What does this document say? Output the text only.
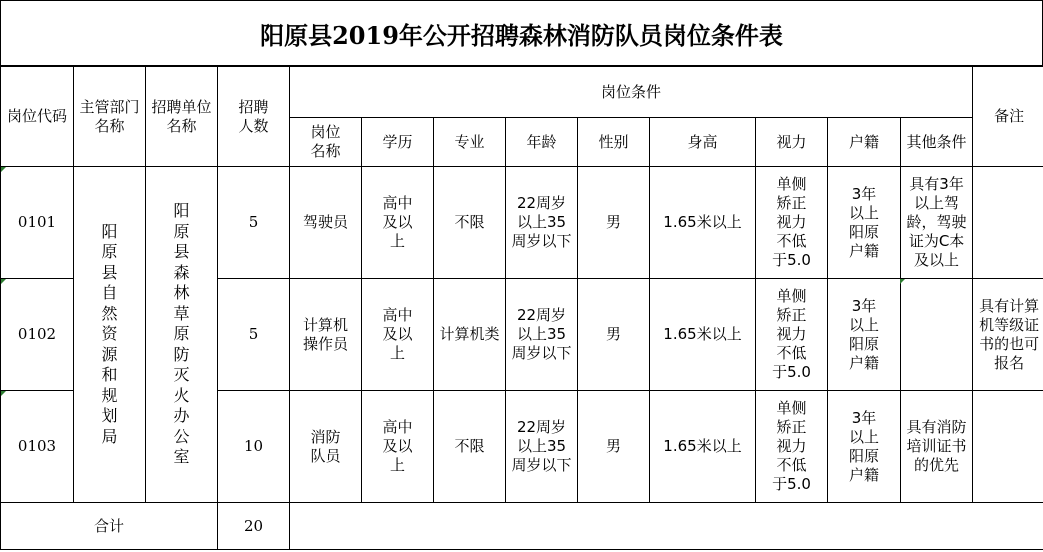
阳原县2019年公开招聘森林消防队员岗位条件表
岗位代码	主管部门名称	招聘单位名称	招聘人数	岗位条件									备注
				岗位名称	学历	专业	年龄	性别	身高	视力	户籍	其他条件	
0101	阳原县自然资源和规划局	阳原县森林草原防灭火办公室	5	驾驶员	高中及以上	不限	22周岁以上35周岁以下	男	1.65米以上	单侧矫正视力不低于5.0	3年以上阳原户籍	具有3年以上驾龄，驾驶证为C本及以上	
0102			5	计算机操作员	高中及以上	计算机类	22周岁以上35周岁以下	男	1.65米以上	单侧矫正视力不低于5.0	3年以上阳原户籍		具有计算机等级证书的也可报名
0103			10	消防队员	高中及以上	不限	22周岁以上35周岁以下	男	1.65米以上	单侧矫正视力不低于5.0	3年以上阳原户籍	具有消防培训证书的优先	
合计			20										
